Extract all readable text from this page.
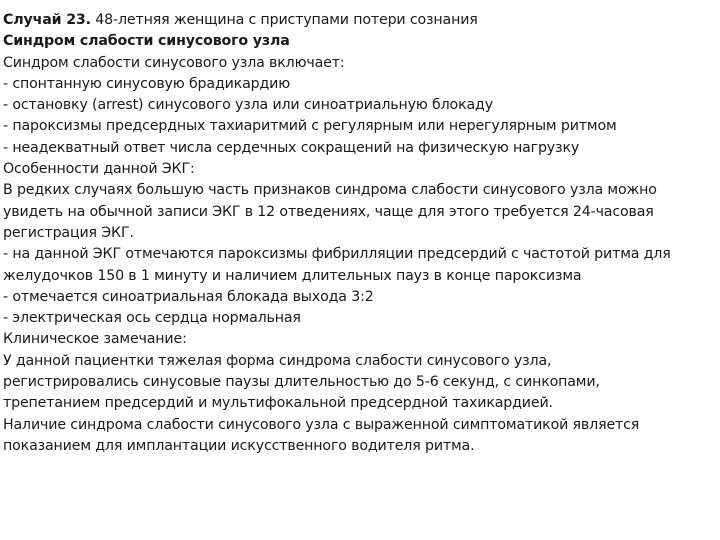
Случай 23. 48-летняя женщина с приступами потери сознания
Синдром слабости синусового узла
Синдром слабости синусового узла включает:
- спонтанную синусовую брадикардию
- остановку (arrest) синусового узла или синоатриальную блокаду
- пароксизмы предсердных тахиаритмий с регулярным или нерегулярным ритмом
- неадекватный ответ числа сердечных сокращений на физическую нагрузку
Особенности данной ЭКГ:
В редких случаях большую часть признаков синдрома слабости синусового узла можно
увидеть на обычной записи ЭКГ в 12 отведениях, чаще для этого требуется 24-часовая
регистрация ЭКГ.
- на данной ЭКГ отмечаются пароксизмы фибрилляции предсердий с частотой ритма для
желудочков 150 в 1 минуту и наличием длительных пауз в конце пароксизма
- отмечается синоатриальная блокада выхода 3:2
- электрическая ось сердца нормальная
Клиническое замечание:
У данной пациентки тяжелая форма синдрома слабости синусового узла,
регистрировались синусовые паузы длительностью до 5-6 секунд, с синкопами,
трепетанием предсердий и мультифокальной предсердной тахикардией.
Наличие синдрома слабости синусового узла с выраженной симптоматикой является
показанием для имплантации искусственного водителя ритма.
